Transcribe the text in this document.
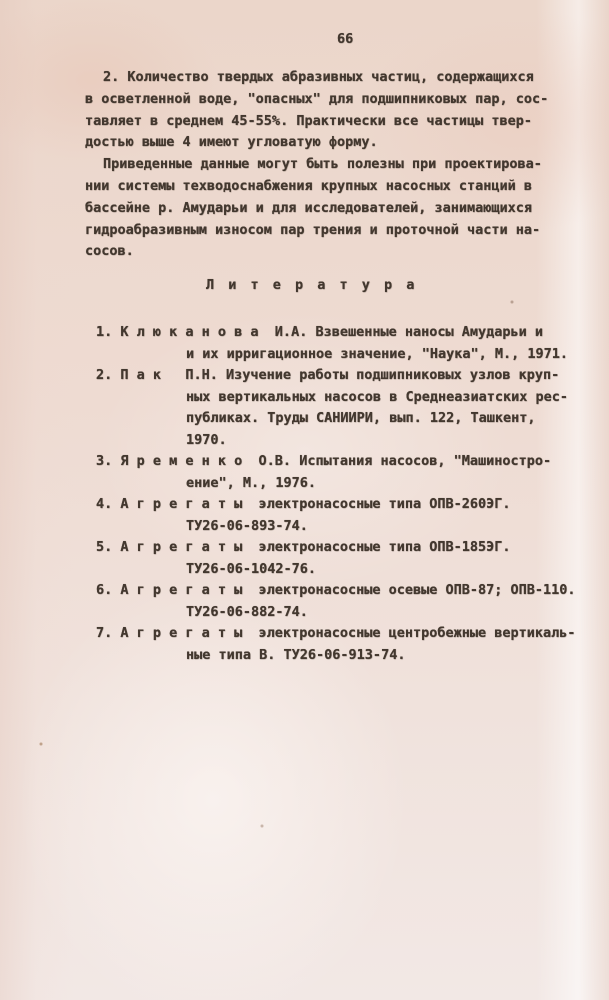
66
2. Количество твердых абразивных частиц, содержащихся
в осветленной воде, "опасных" для подшипниковых пар, сос-
тавляет в среднем 45-55%. Практически все частицы твер-
достью выше 4 имеют угловатую форму.
Приведенные данные могут быть полезны при проектирова-
нии системы техводоснабжения крупных насосных станций в
бассейне р. Амударьи и для исследователей, занимающихся
гидроабразивным износом пар трения и проточной части на-
сосов.
Л и т е р а т у р а
1. К л ю к а н о в а  И.А. Взвешенные наносы Амударьи и
и их ирригационное значение, "Наука", М., 1971.
2. П а к   П.Н. Изучение работы подшипниковых узлов круп-
ных вертикальных насосов в Среднеазиатских рес-
публиках. Труды САНИИРИ, вып. 122, Ташкент,
1970.
3. Я р е м е н к о  О.В. Испытания насосов, "Машиностро-
ение", М., 1976.
4. А г р е г а т ы  электронасосные типа ОПВ-260ЭГ.
ТУ26-06-893-74.
5. А г р е г а т ы  электронасосные типа ОПВ-185ЭГ.
ТУ26-06-1042-76.
6. А г р е г а т ы  электронасосные осевые ОПВ-87; ОПВ-110.
ТУ26-06-882-74.
7. А г р е г а т ы  электронасосные центробежные вертикаль-
ные типа В. ТУ26-06-913-74.
